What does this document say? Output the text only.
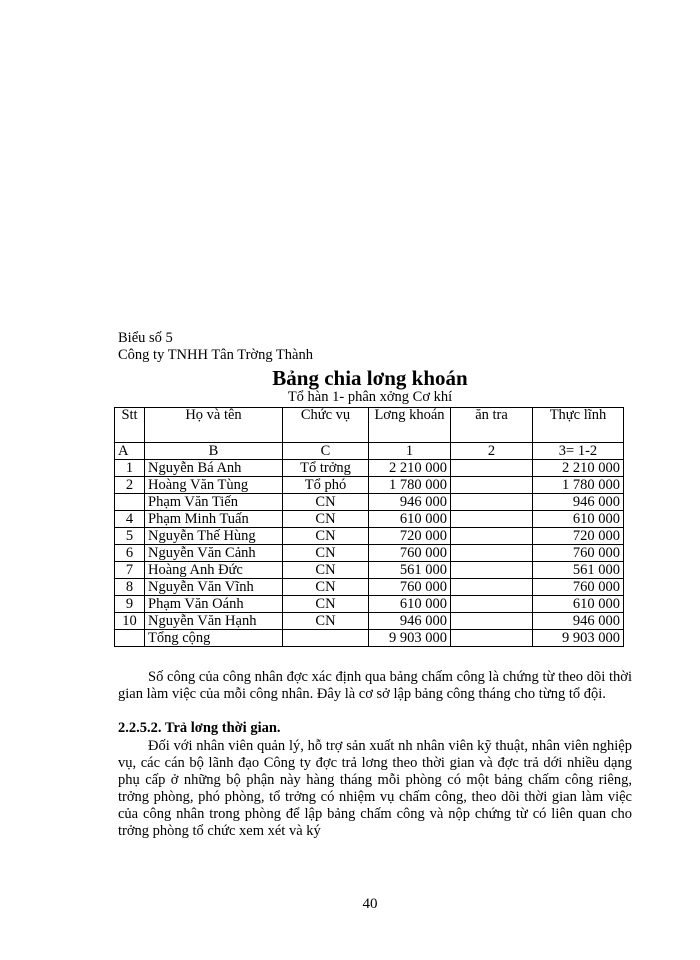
Biểu số 5
Công ty TNHH Tân Trờng Thành
Bảng chia lơng khoán
Tổ hàn 1- phân xởng Cơ khí
Stt	Họ và tên	Chức vụ	Lơng khoán	ăn tra	Thực lĩnh
A	B	C	1	2	3= 1-2
1	Nguyễn Bá Anh	Tổ trởng	2 210 000		2 210 000
2	Hoàng Văn Tùng	Tổ phó	1 780 000		1 780 000
	Phạm Văn Tiến	CN	946 000		946 000
4	Phạm Minh Tuấn	CN	610 000		610 000
5	Nguyễn Thế Hùng	CN	720 000		720 000
6	Nguyễn Văn Cảnh	CN	760 000		760 000
7	Hoàng Anh Đức	CN	561 000		561 000
8	Nguyễn Văn Vĩnh	CN	760 000		760 000
9	Phạm Văn Oánh	CN	610 000		610 000
10	Nguyễn Văn Hạnh	CN	946 000		946 000
	Tổng cộng		9 903 000		9 903 000
Số công của công nhân đợc xác định qua bảng chấm công là chứng từ theo dõi thời gian làm việc của mỗi công nhân. Đây là cơ sở lập bảng công tháng cho từng tổ đội.
2.2.5.2. Trả lơng thời gian.
Đối với nhân viên quản lý, hỗ trợ sản xuất nh nhân viên kỹ thuật, nhân viên nghiệp vụ, các cán bộ lãnh đạo Công ty đợc trả lơng theo thời gian và đợc trả dới nhiều dạng phụ cấp ở những bộ phận này hàng tháng mỗi phòng có một bảng chấm công riêng, trởng phòng, phó phòng, tổ trởng có nhiệm vụ chấm công, theo dõi thời gian làm việc của công nhân trong phòng để lập bảng chấm công và nộp chứng từ có liên quan cho trởng phòng tổ chức xem xét và ký
40
